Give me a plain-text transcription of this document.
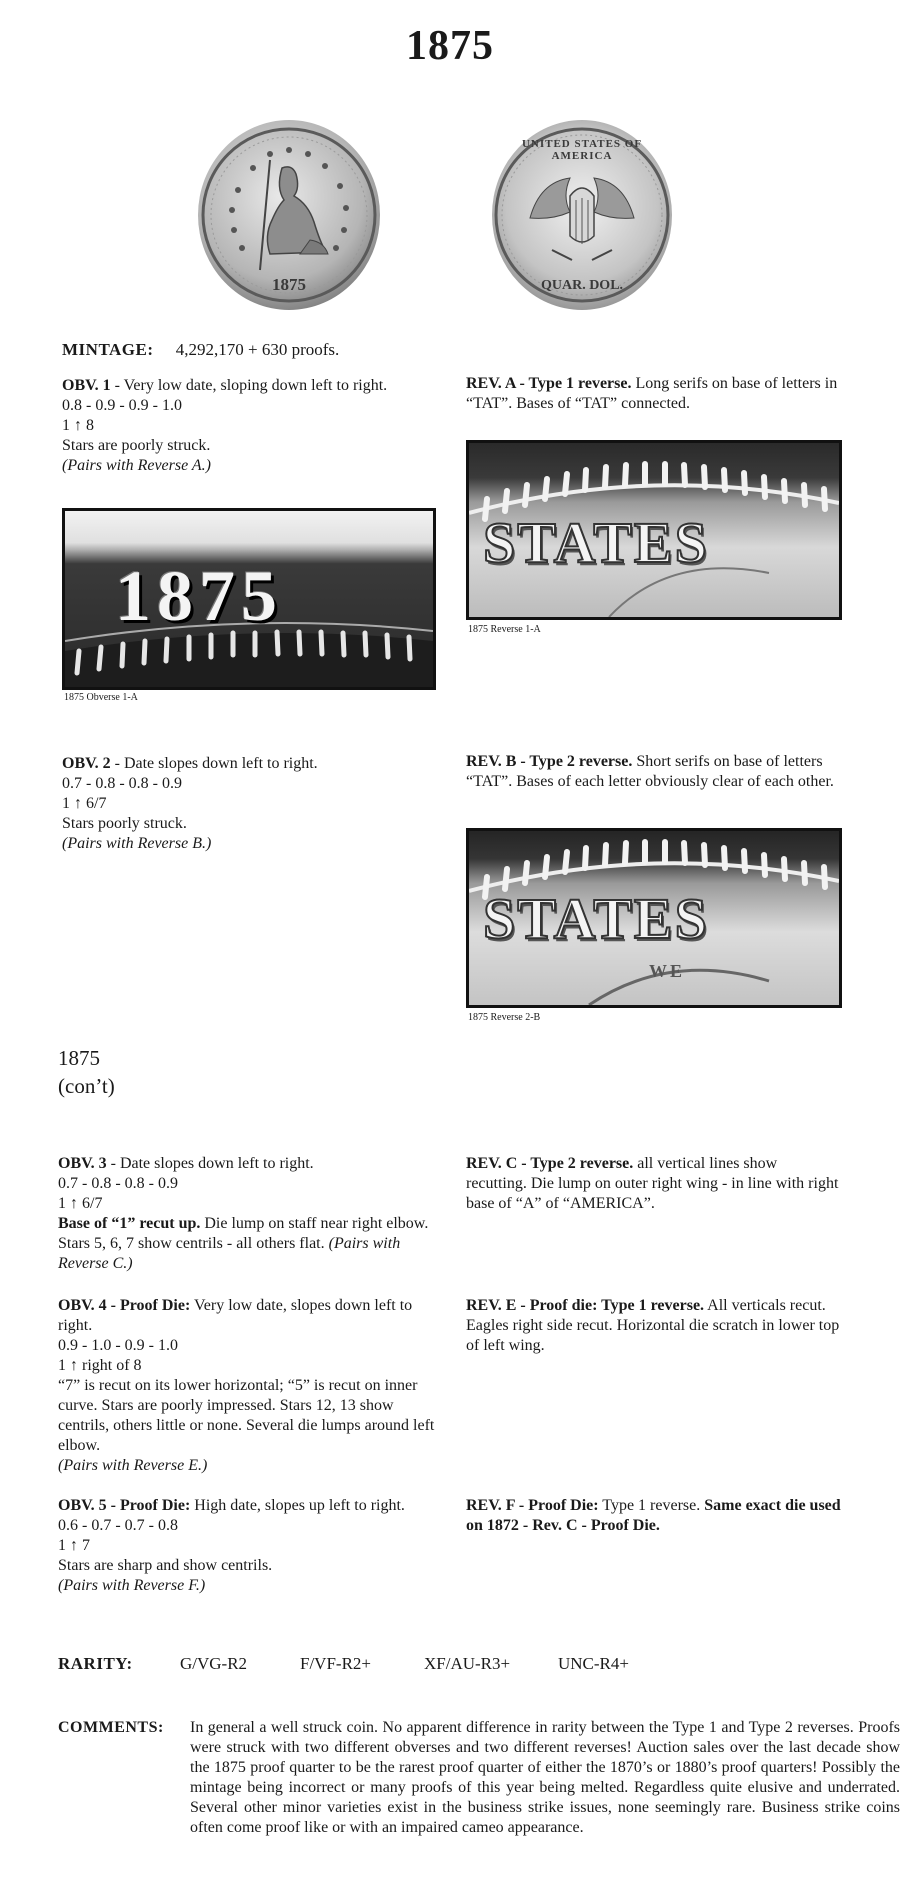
1875
1875
UNITED STATES OF AMERICA
QUAR. DOL.
MINTAGE: 4,292,170 + 630 proofs.

OBV. 1 - Very low date, sloping down left to right.

0.8 - 0.9 - 0.9 - 1.0

1 ↑ 8

Stars are poorly struck.

(Pairs with Reverse A.)

1875
1875 Obverse 1-A

REV. A - Type 1 reverse. Long serifs on base of letters in “TAT”. Bases of “TAT” connected.

STATES
1875 Reverse 1-A

OBV. 2 - Date slopes down left to right.

0.7 - 0.8 - 0.8 - 0.9

1 ↑ 6/7

Stars poorly struck.

(Pairs with Reverse B.)

REV. B - Type 2 reverse. Short serifs on base of letters “TAT”. Bases of each letter obviously clear of each other.

STATES
WE
1875 Reverse 2-B
1875
(con’t)

OBV. 3 - Date slopes down left to right.

0.7 - 0.8 - 0.8 - 0.9

1 ↑ 6/7

Base of “1” recut up. Die lump on staff near right elbow. Stars 5, 6, 7 show centrils - all others flat. (Pairs with Reverse C.)

REV. C - Type 2 reverse. all vertical lines show recutting. Die lump on outer right wing - in line with right base of “A” of “AMERICA”.

OBV. 4 - Proof Die: Very low date, slopes down left to right.

0.9 - 1.0 - 0.9 - 1.0

1 ↑ right of 8

“7” is recut on its lower horizontal; “5” is recut on inner curve. Stars are poorly impressed. Stars 12, 13 show centrils, others little or none. Several die lumps around left elbow.

(Pairs with Reverse E.)

REV. E - Proof die: Type 1 reverse. All verticals recut. Eagles right side recut. Horizontal die scratch in lower top of left wing.

OBV. 5 - Proof Die: High date, slopes up left to right.

0.6 - 0.7 - 0.7 - 0.8

1 ↑ 7

Stars are sharp and show centrils.

(Pairs with Reverse F.)

REV. F - Proof Die: Type 1 reverse. Same exact die used on 1872 - Rev. C - Proof Die.

RARITY:	G/VG-R2	F/VF-R2+	XF/AU-R3+	UNC-R4+
COMMENTS: In general a well struck coin. No apparent difference in rarity between the Type 1 and Type 2 reverses. Proofs were struck with two different obverses and two different reverses! Auction sales over the last decade show the 1875 proof quarter to be the rarest proof quarter of either the 1870’s or 1880’s proof quarters! Possibly the mintage being incorrect or many proofs of this year being melted. Regardless quite elusive and underrated. Several other minor varieties exist in the business strike issues, none seemingly rare. Business strike coins often come proof like or with an impaired cameo appearance.
